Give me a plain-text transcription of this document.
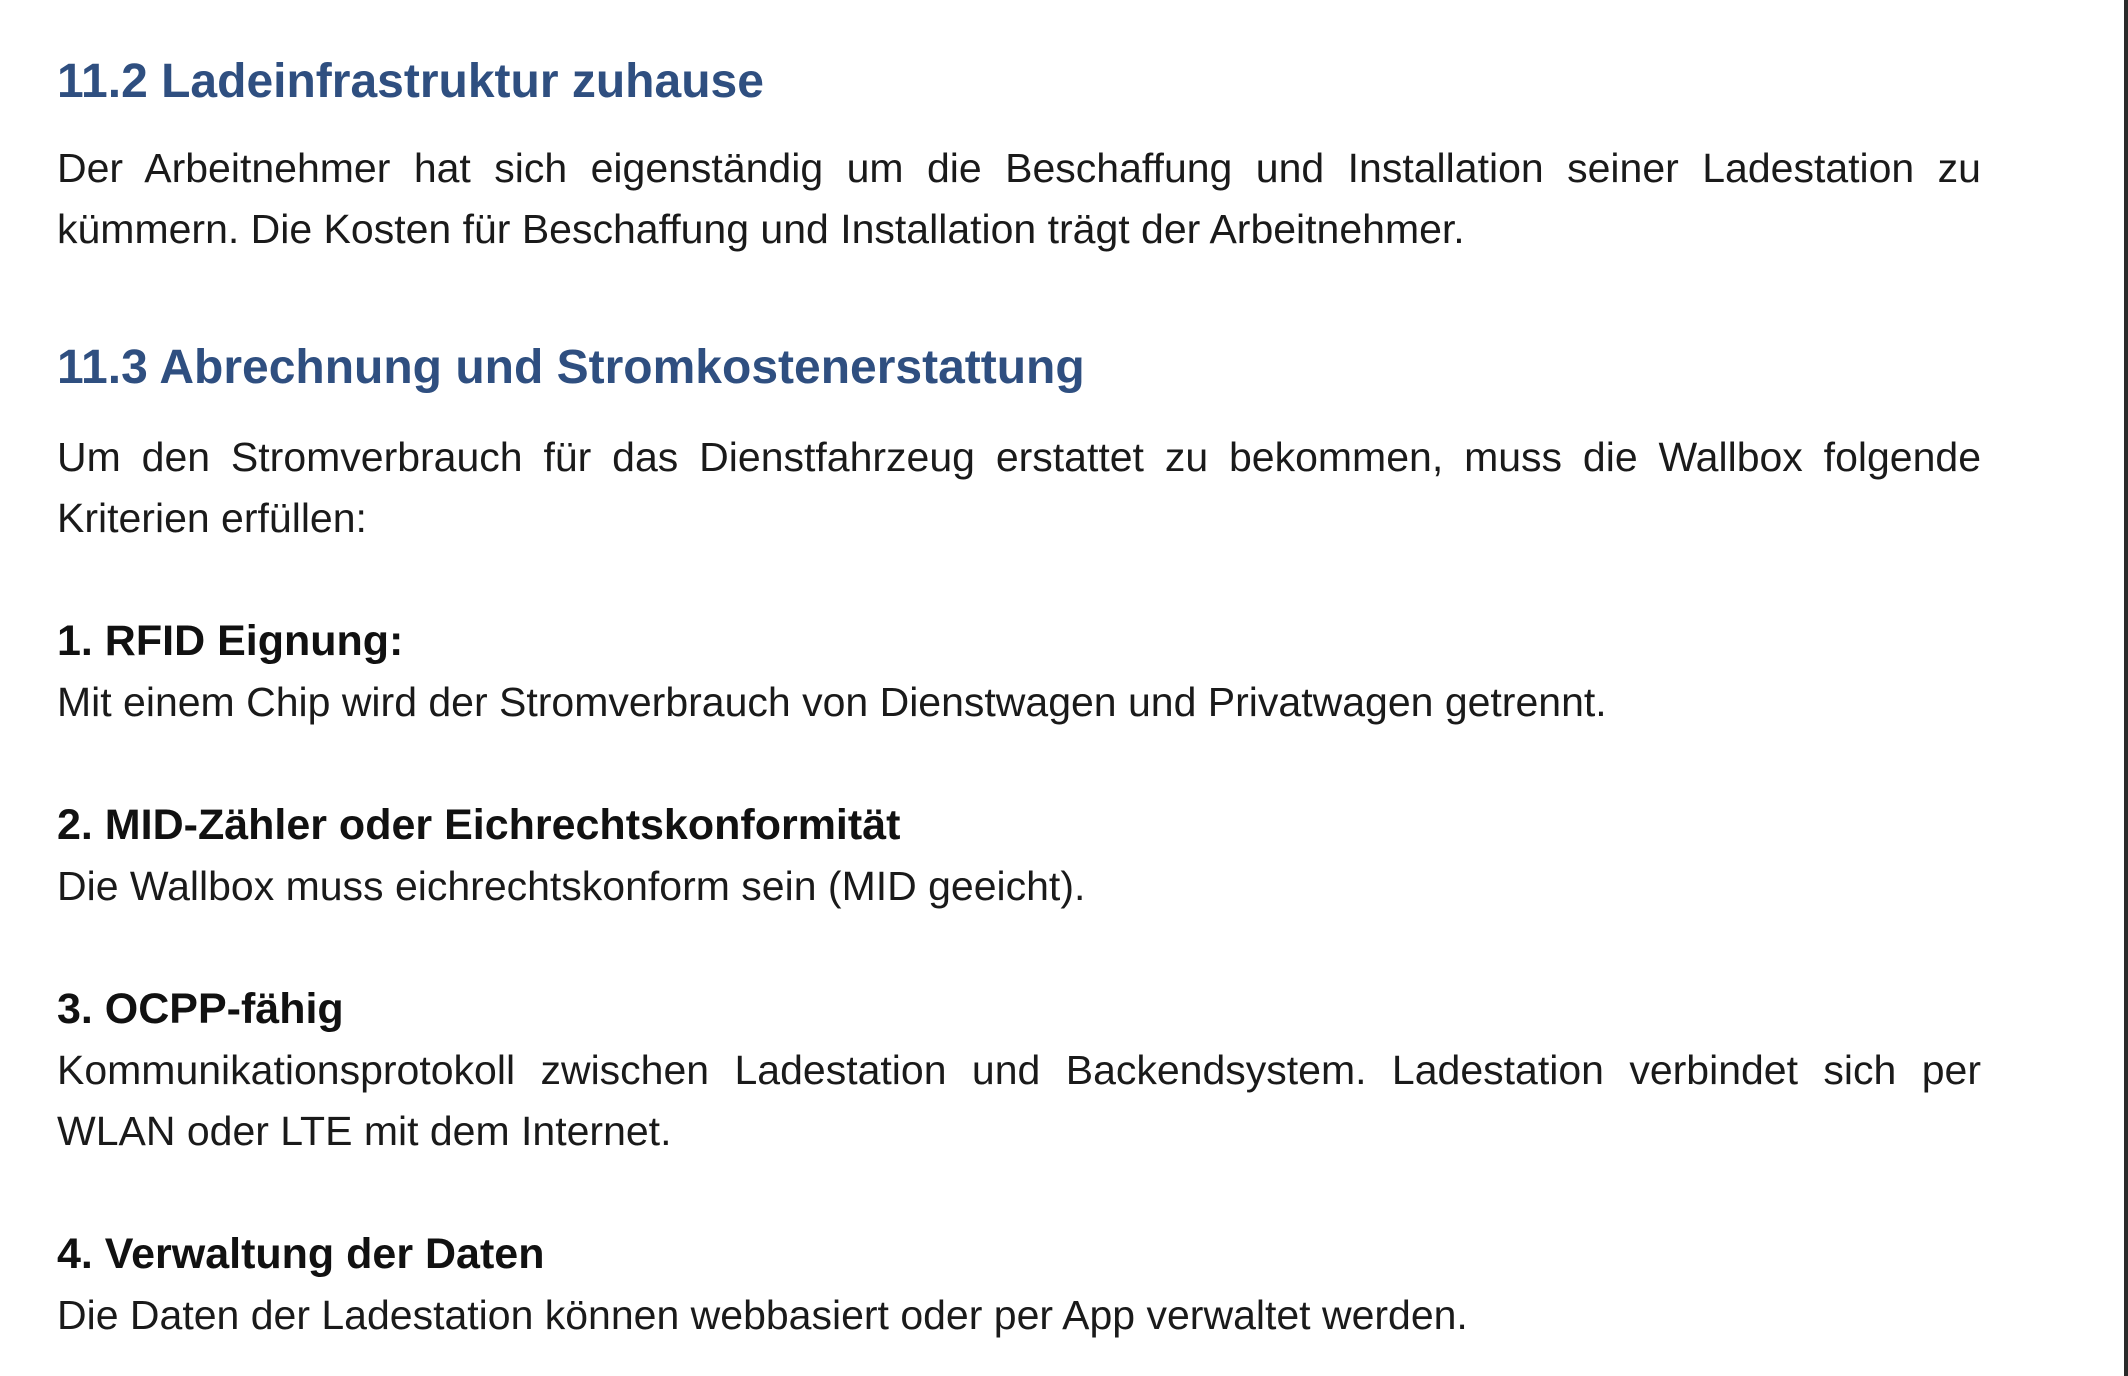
11.2 Ladeinfrastruktur zuhause

Der Arbeitnehmer hat sich eigenständig um die Beschaffung und Installation seiner Ladestation zu kümmern. Die Kosten für Beschaffung und Installation trägt der Arbeitnehmer.

11.3 Abrechnung und Stromkostenerstattung

Um den Stromverbrauch für das Dienstfahrzeug erstattet zu bekommen, muss die Wallbox folgende Kriterien erfüllen:

1. RFID Eignung:
Mit einem Chip wird der Stromverbrauch von Dienstwagen und Privatwagen getrennt.
2. MID-Zähler oder Eichrechtskonformität
Die Wallbox muss eichrechtskonform sein (MID geeicht).
3. OCPP-fähig
Kommunikationsprotokoll zwischen Ladestation und Backendsystem. Ladestation verbindet sich per WLAN oder LTE mit dem Internet.
4. Verwaltung der Daten
Die Daten der Ladestation können webbasiert oder per App verwaltet werden.
